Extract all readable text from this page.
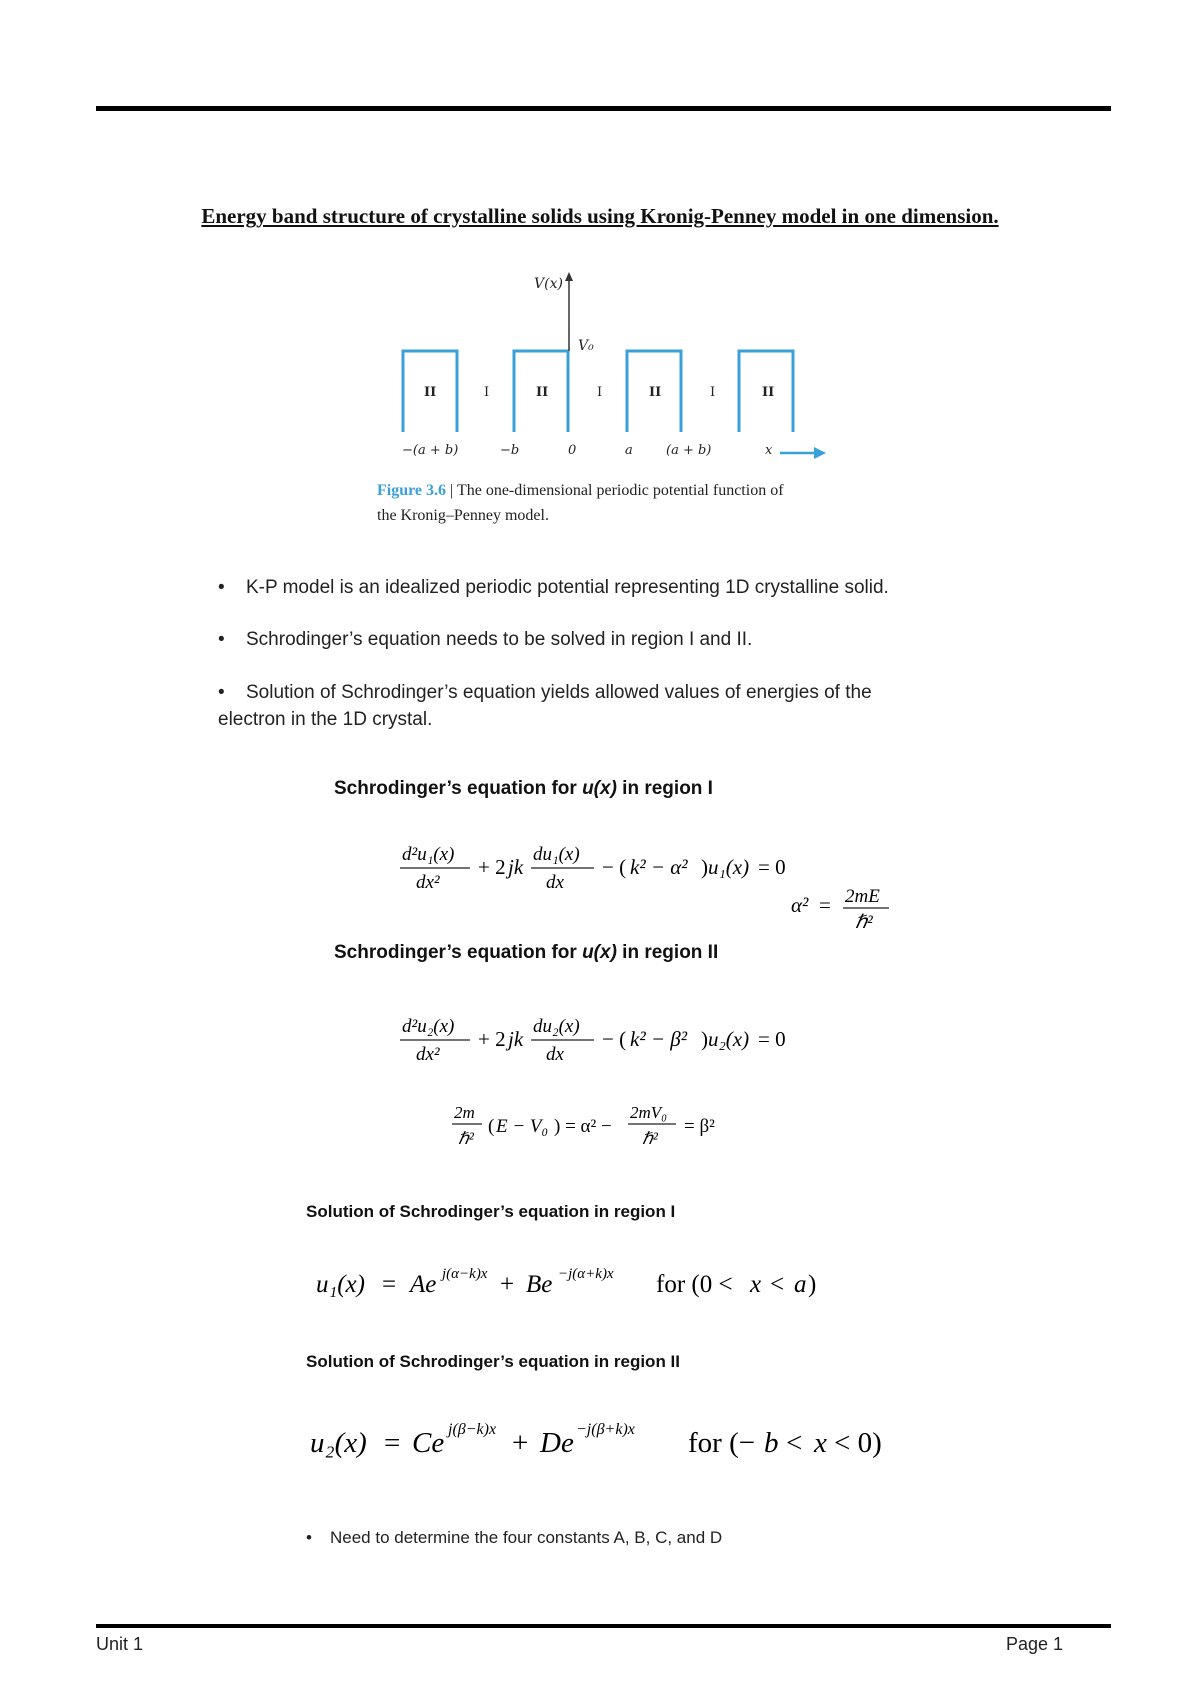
Energy band structure of crystalline solids using Kronig-Penney model in one dimension.
V(x)
V₀
II	I	II	I	II	I	II
−(a + b)	−b	0	a	(a + b)	x
Figure 3.6 | The one-dimensional periodic potential function of the Kronig–Penney model.
• K-P model is an idealized periodic potential representing 1D crystalline solid.
• Schrodinger’s equation needs to be solved in region I and II.
• Solution of Schrodinger’s equation yields allowed values of energies of the
electron in the 1D crystal.
Schrodinger’s equation for u(x) in region I
d²u₁(x)
dx²
+ 2 jk
du₁(x)
dx
− ( k² − α² ) u₁(x) = 0
α² = 2mE
ℏ²
Schrodinger’s equation for u(x) in region II
d²u₂(x)
dx²
+ 2 jk
du₂(x)
dx
− ( k² − β² ) u₂(x) = 0
2m
ℏ²
( E − V₀ ) = α² −
2mV₀
ℏ²
= β²
Solution of Schrodinger’s equation in region I
u₁(x) = Ae j(α−k)x + Be −j(α+k)x for (0 < x < a )
Solution of Schrodinger’s equation in region II
u₂(x) = Ce j(β−k)x + De −j(β+k)x for (− b < x < 0)
• Need to determine the four constants A, B, C, and D
Unit 1	Page 1
